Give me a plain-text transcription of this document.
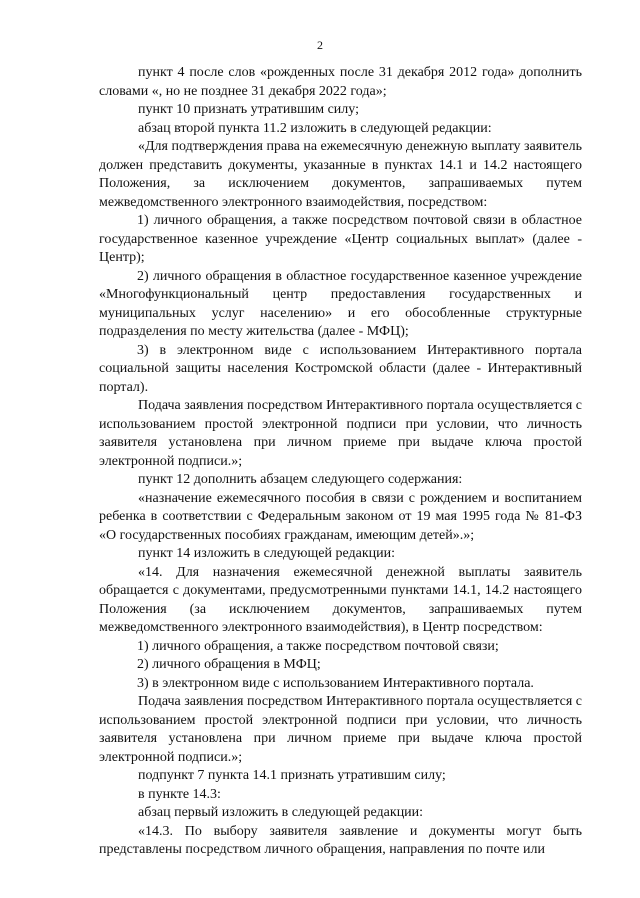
2

пункт 4 после слов «рожденных после 31 декабря 2012 года» дополнить словами «, но не позднее 31 декабря 2022 года»;

пункт 10 признать утратившим силу;

абзац второй пункта 11.2 изложить в следующей редакции:

«Для подтверждения права на ежемесячную денежную выплату заявитель должен представить документы, указанные в пунктах 14.1 и 14.2 настоящего Положения, за исключением документов, запрашиваемых путем межведомственного электронного взаимодействия, посредством:

1) личного обращения, а также посредством почтовой связи в областное государственное казенное учреждение «Центр социальных выплат» (далее - Центр);

2) личного обращения в областное государственное казенное учреждение «Многофункциональный центр предоставления государственных и муниципальных услуг населению» и его обособленные структурные подразделения по месту жительства (далее - МФЦ);

3) в электронном виде с использованием Интерактивного портала социальной защиты населения Костромской области (далее - Интерактивный портал).

Подача заявления посредством Интерактивного портала осуществляется с использованием простой электронной подписи при условии, что личность заявителя установлена при личном приеме при выдаче ключа простой электронной подписи.»;

пункт 12 дополнить абзацем следующего содержания:

«назначение ежемесячного пособия в связи с рождением и воспитанием ребенка в соответствии с Федеральным законом от 19 мая 1995 года № 81-ФЗ «О государственных пособиях гражданам, имеющим детей».»;

пункт 14 изложить в следующей редакции:

«14. Для назначения ежемесячной денежной выплаты заявитель обращается с документами, предусмотренными пунктами 14.1, 14.2 настоящего Положения (за исключением документов, запрашиваемых путем межведомственного электронного взаимодействия), в Центр посредством:

1) личного обращения, а также посредством почтовой связи;

2) личного обращения в МФЦ;

3) в электронном виде с использованием Интерактивного портала.

Подача заявления посредством Интерактивного портала осуществляется с использованием простой электронной подписи при условии, что личность заявителя установлена при личном приеме при выдаче ключа простой электронной подписи.»;

подпункт 7 пункта 14.1 признать утратившим силу;

в пункте 14.3:

абзац первый изложить в следующей редакции:

«14.3. По выбору заявителя заявление и документы могут быть представлены посредством личного обращения, направления по почте или
